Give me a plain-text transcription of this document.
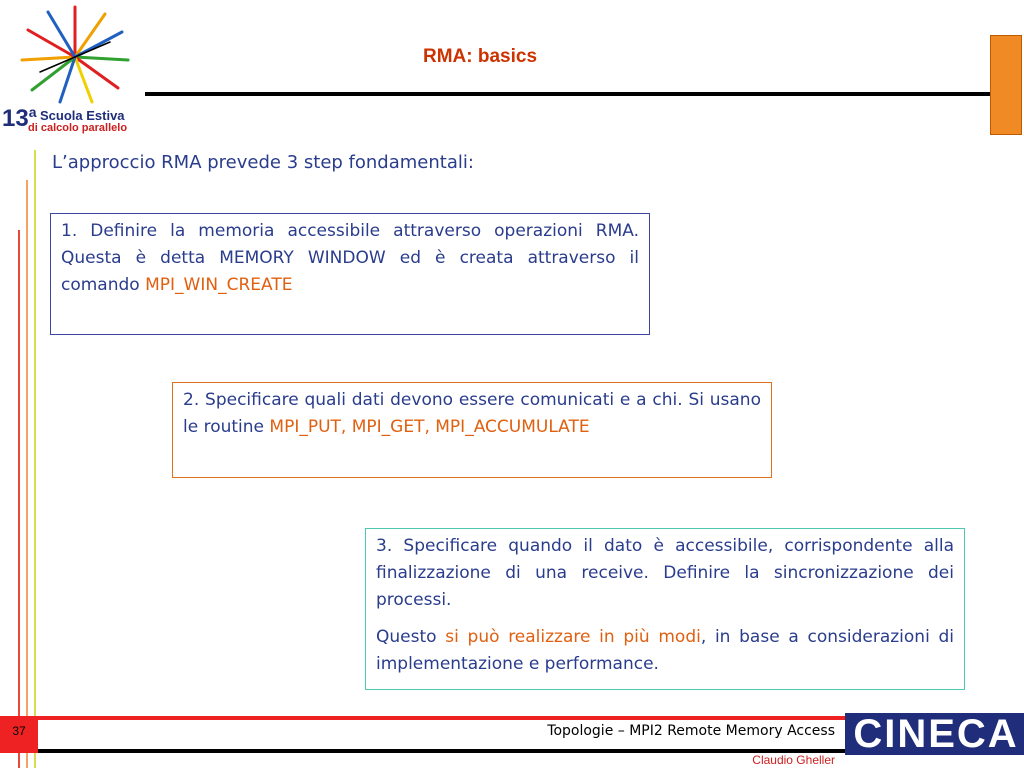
13$^a$ Scuola Estiva
di calcolo parallelo
RMA: basics
L’approccio RMA prevede 3 step fondamentali:

1. Definire la memoria accessibile attraverso operazioni RMA. Questa è detta MEMORY WINDOW ed è creata attraverso il comando MPI_WIN_CREATE

2. Specificare quali dati devono essere comunicati e a chi. Si usano le routine MPI_PUT, MPI_GET, MPI_ACCUMULATE

3. Specificare quando il dato è accessibile, corrispondente alla finalizzazione di una receive. Definire la sincronizzazione dei processi.

Questo si può realizzare in più modi, in base a considerazioni di implementazione e performance.

37	Topologie – MPI2 Remote Memory Access
Claudio Gheller
CINECA
